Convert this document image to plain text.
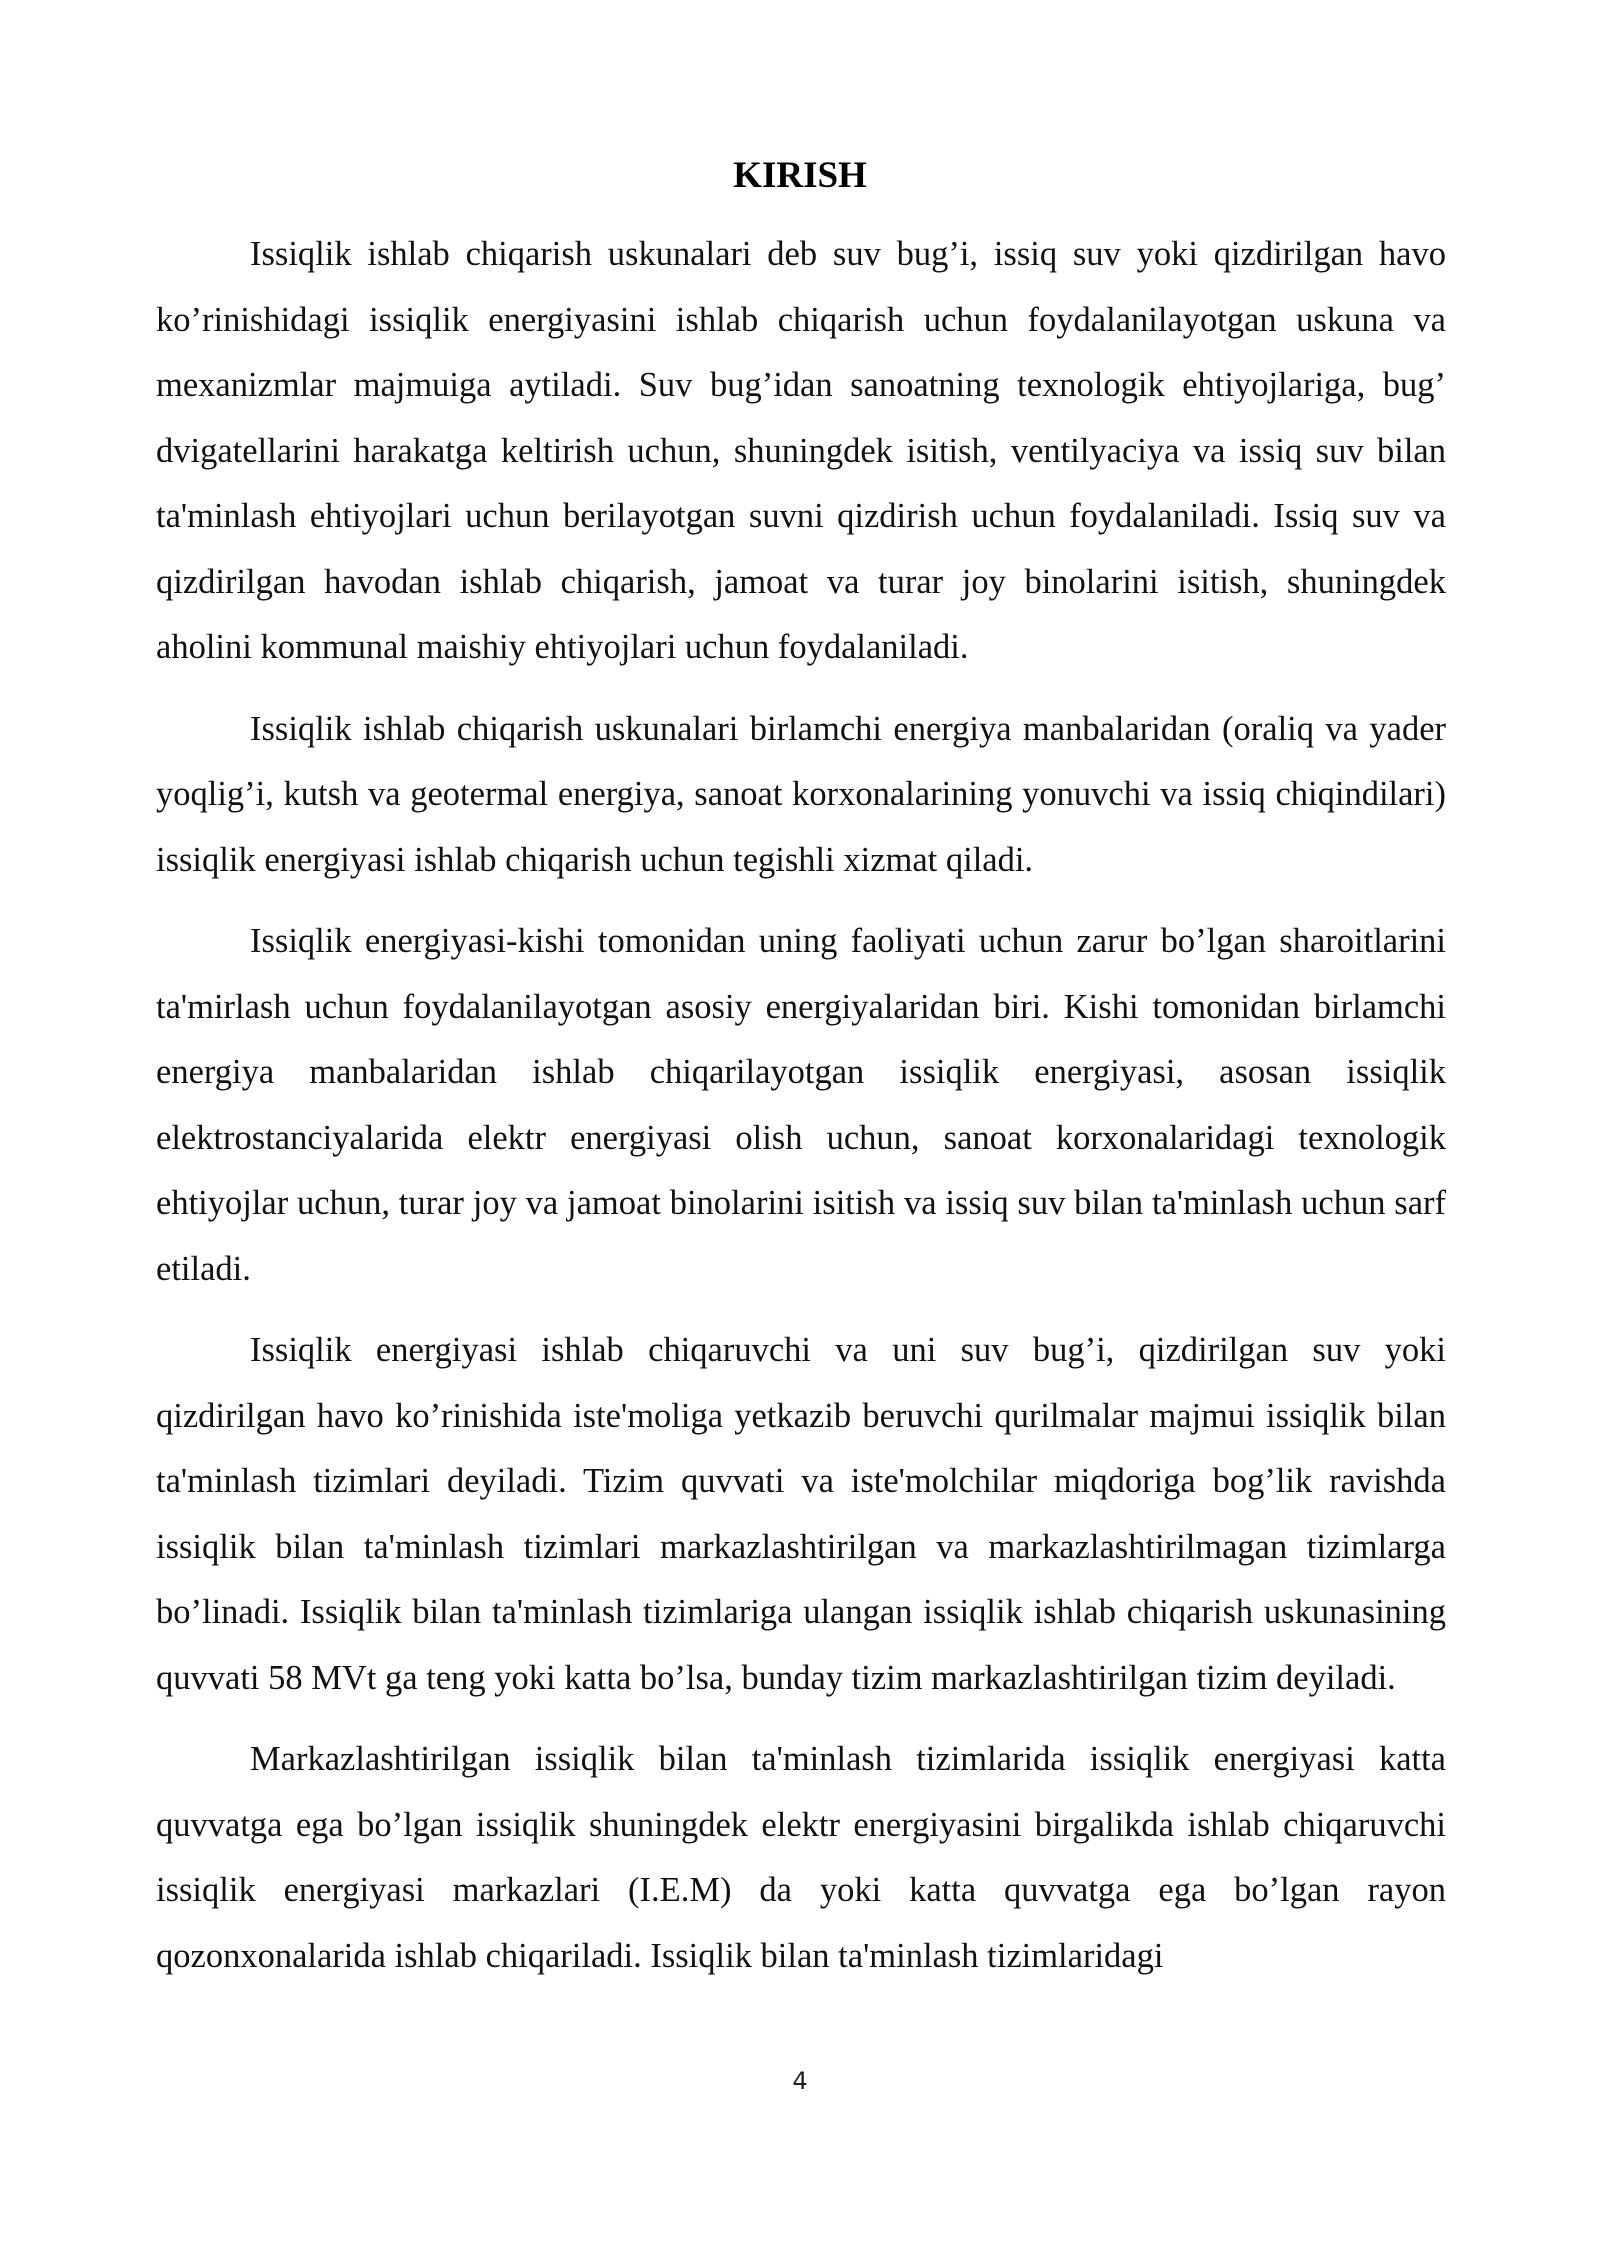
KIRISH

Issiqlik ishlab chiqarish uskunalari deb suv bug’i, issiq suv yoki qizdirilgan havo ko’rinishidagi issiqlik energiyasini ishlab chiqarish uchun foydalanilayotgan uskuna va mexanizmlar majmuiga aytiladi. Suv bug’idan sanoatning texnologik ehtiyojlariga, bug’ dvigatellarini harakatga keltirish uchun, shuningdek isitish, ventilyaciya va issiq suv bilan ta'minlash ehtiyojlari uchun berilayotgan suvni qizdirish uchun foydalaniladi. Issiq suv va qizdirilgan havodan ishlab chiqarish, jamoat va turar joy binolarini isitish, shuningdek aholini kommunal maishiy ehtiyojlari uchun foydalaniladi.

Issiqlik ishlab chiqarish uskunalari birlamchi energiya manbalaridan (oraliq va yader yoqlig’i, kutsh va geotermal energiya, sanoat korxonalarining yonuvchi va issiq chiqindilari) issiqlik energiyasi ishlab chiqarish uchun tegishli xizmat qiladi.

Issiqlik energiyasi-kishi tomonidan uning faoliyati uchun zarur bo’lgan sharoitlarini ta'mirlash uchun foydalanilayotgan asosiy energiyalaridan biri. Kishi tomonidan birlamchi energiya manbalaridan ishlab chiqarilayotgan issiqlik energiyasi, asosan issiqlik elektrostanciyalarida elektr energiyasi olish uchun, sanoat korxonalaridagi texnologik ehtiyojlar uchun, turar joy va jamoat binolarini isitish va issiq suv bilan ta'minlash uchun sarf etiladi.

Issiqlik energiyasi ishlab chiqaruvchi va uni suv bug’i, qizdirilgan suv yoki qizdirilgan havo ko’rinishida iste'moliga yetkazib beruvchi qurilmalar majmui issiqlik bilan ta'minlash tizimlari deyiladi. Tizim quvvati va iste'molchilar miqdoriga bog’lik ravishda issiqlik bilan ta'minlash tizimlari markazlashtirilgan va markazlashtirilmagan tizimlarga bo’linadi. Issiqlik bilan ta'minlash tizimlariga ulangan issiqlik ishlab chiqarish uskunasining quvvati 58 MVt ga teng yoki katta bo’lsa, bunday tizim markazlashtirilgan tizim deyiladi.

Markazlashtirilgan issiqlik bilan ta'minlash tizimlarida issiqlik energiyasi katta quvvatga ega bo’lgan issiqlik shuningdek elektr energiyasini birgalikda ishlab chiqaruvchi issiqlik energiyasi markazlari (I.E.M) da yoki katta quvvatga ega bo’lgan rayon qozonxonalarida ishlab chiqariladi. Issiqlik bilan ta'minlash tizimlaridagi

4
